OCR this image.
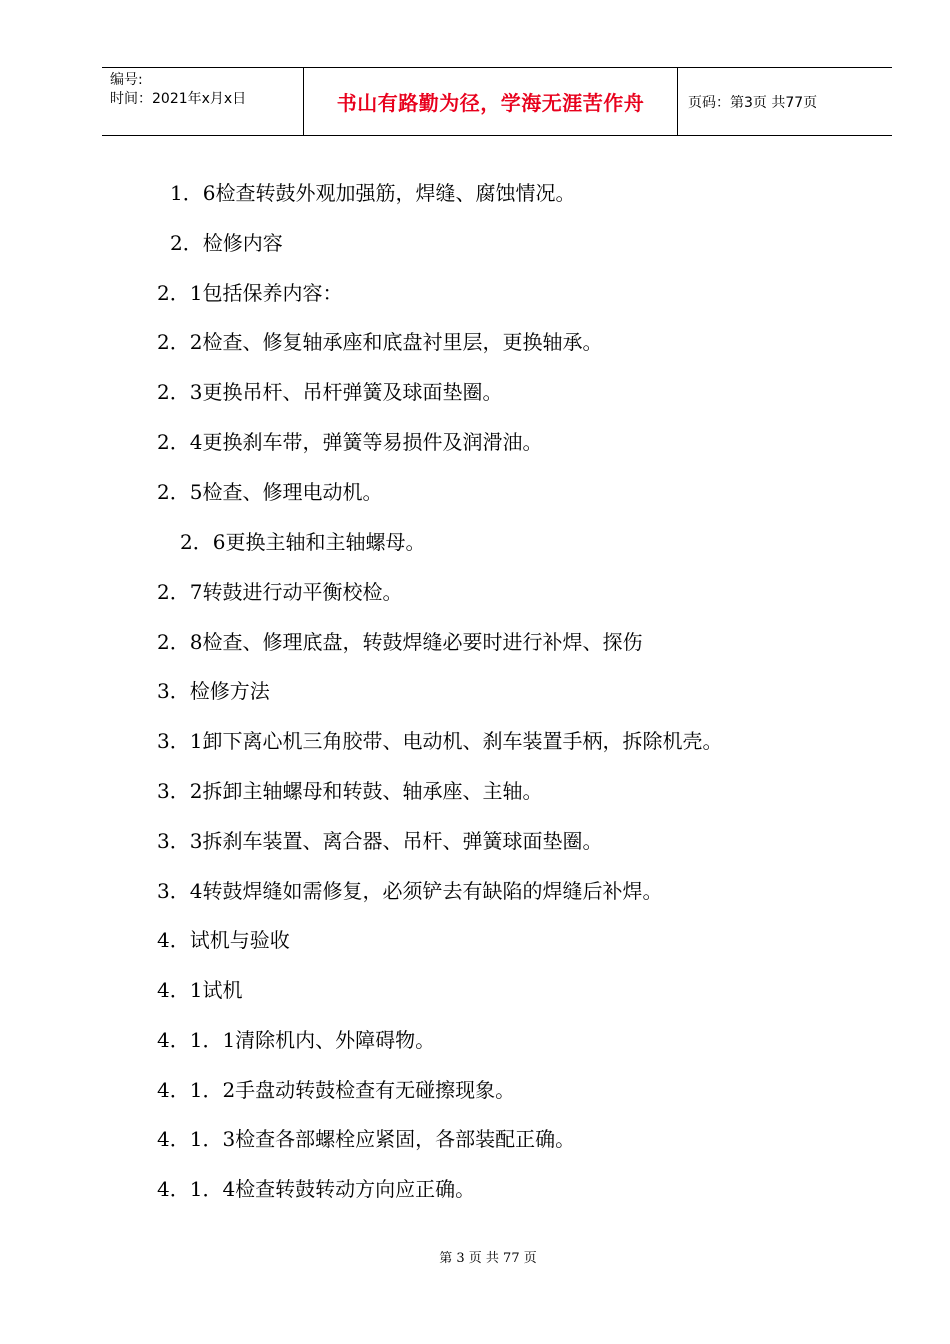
编号:
时间：2021年x月x日	书山有路勤为径，学海无涯苦作舟	页码：第3页 共77页
1．6检查转鼓外观加强筋，焊缝、腐蚀情况。
2．检修内容
2．1包括保养内容：
2．2检查、修复轴承座和底盘衬里层，更换轴承。
2．3更换吊杆、吊杆弹簧及球面垫圈。
2．4更换刹车带，弹簧等易损件及润滑油。
2．5检查、修理电动机。
2．6更换主轴和主轴螺母。
2．7转鼓进行动平衡校检。
2．8检查、修理底盘，转鼓焊缝必要时进行补焊、探伤
3．检修方法
3．1卸下离心机三角胶带、电动机、刹车装置手柄，拆除机壳。
3．2拆卸主轴螺母和转鼓、轴承座、主轴。
3．3拆刹车装置、离合器、吊杆、弹簧球面垫圈。
3．4转鼓焊缝如需修复，必须铲去有缺陷的焊缝后补焊。
4．试机与验收
4．1试机
4．1．1清除机内、外障碍物。
4．1．2手盘动转鼓检查有无碰擦现象。
4．1．3检查各部螺栓应紧固，各部装配正确。
4．1．4检查转鼓转动方向应正确。
第 3 页 共 77 页
